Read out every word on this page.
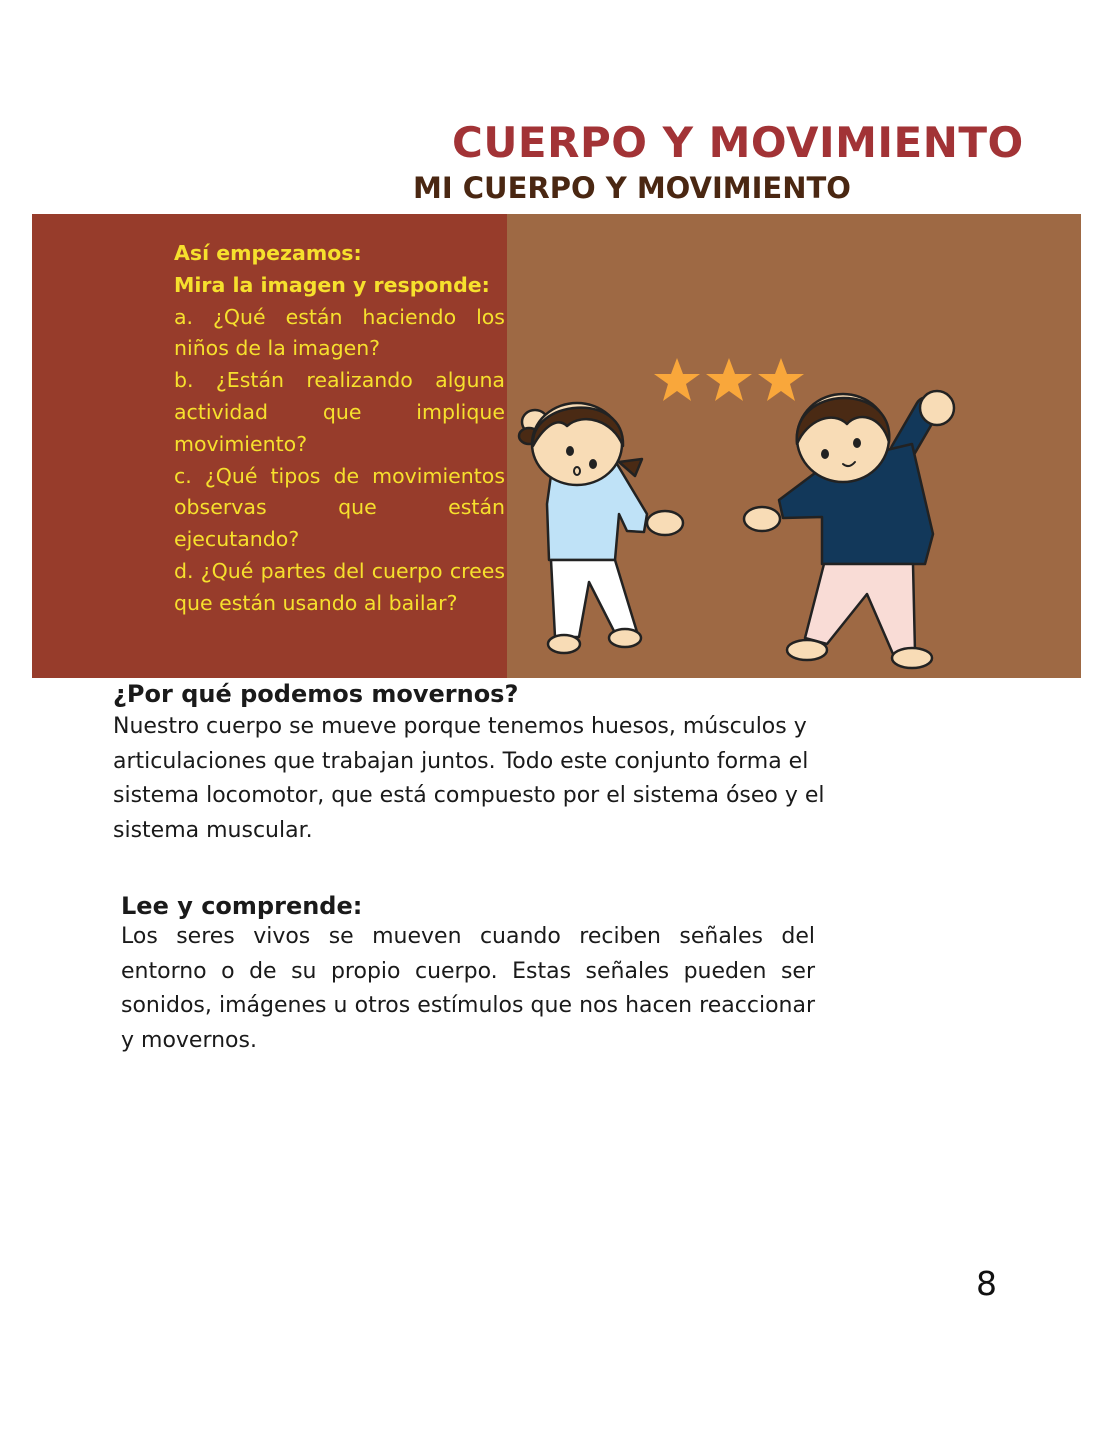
CUERPO Y MOVIMIENTO
MI CUERPO Y MOVIMIENTO
Así empezamos:
Mira la imagen y responde:
a. ¿Qué están haciendo los niños de la imagen?
b. ¿Están realizando alguna actividad que implique movimiento?
c. ¿Qué tipos de movimientos observas que están ejecutando?
d. ¿Qué partes del cuerpo crees que están usando al bailar?

¿Por qué podemos movernos?

Nuestro cuerpo se mueve porque tenemos huesos, músculos y articulaciones que trabajan juntos. Todo este conjunto forma el sistema locomotor, que está compuesto por el sistema óseo y el sistema muscular.

Lee y comprende:

Los seres vivos se mueven cuando reciben señales del entorno o de su propio cuerpo. Estas señales pueden ser sonidos, imágenes u otros estímulos que nos hacen reaccionar y movernos.

8
